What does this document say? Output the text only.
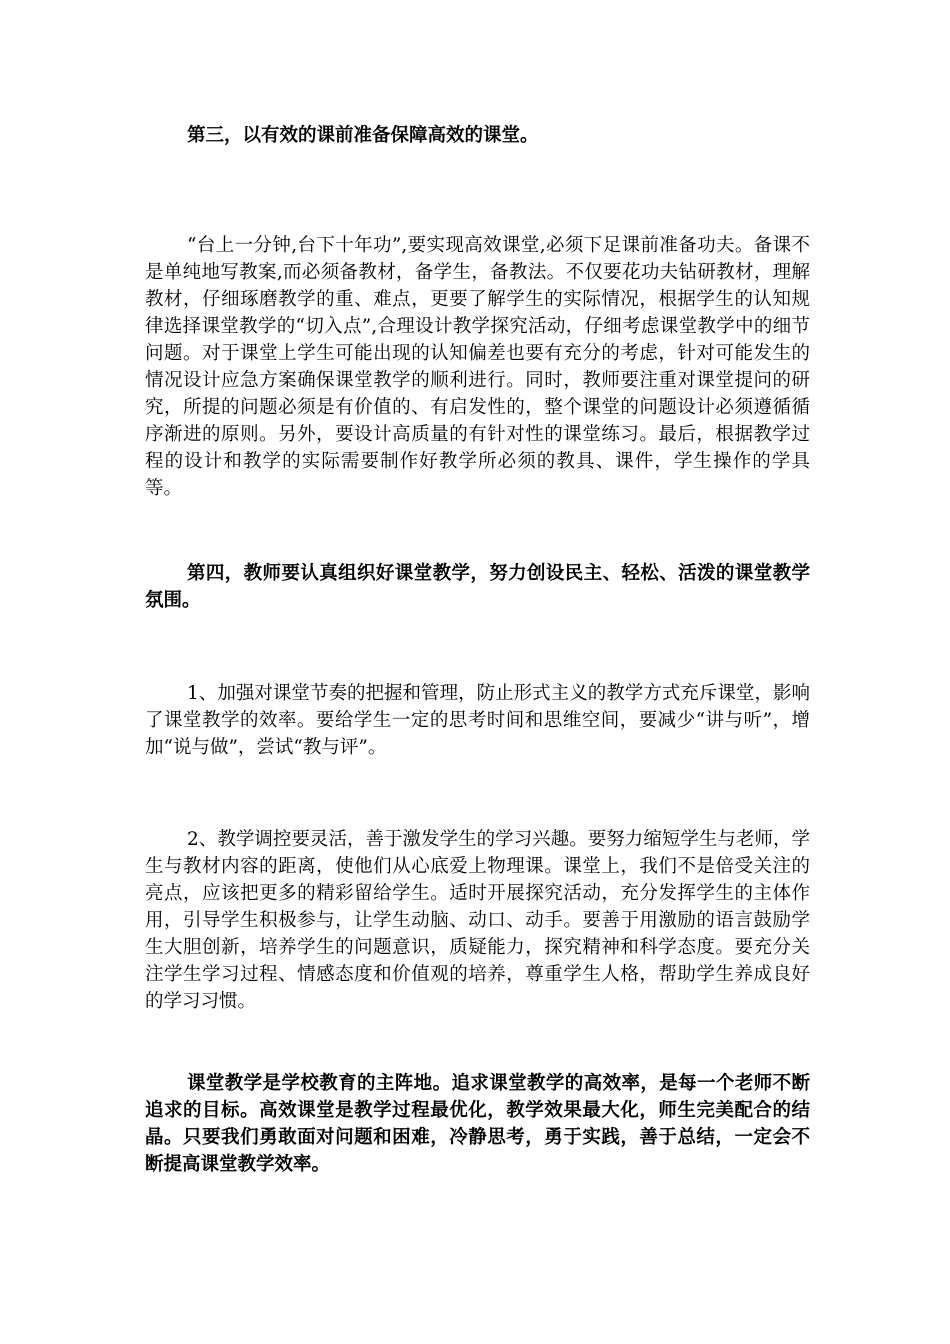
第三，以有效的课前准备保障高效的课堂。

“台上一分钟,台下十年功”,要实现高效课堂,必须下足课前准备功夫。备课不是单纯地写教案,而必须备教材，备学生，备教法。不仅要花功夫钻研教材，理解教材，仔细琢磨教学的重、难点，更要了解学生的实际情况，根据学生的认知规律选择课堂教学的“切入点”,合理设计教学探究活动，仔细考虑课堂教学中的细节问题。对于课堂上学生可能出现的认知偏差也要有充分的考虑，针对可能发生的情况设计应急方案确保课堂教学的顺利进行。同时，教师要注重对课堂提问的研究，所提的问题必须是有价值的、有启发性的，整个课堂的问题设计必须遵循循序渐进的原则。另外，要设计高质量的有针对性的课堂练习。最后，根据教学过程的设计和教学的实际需要制作好教学所必须的教具、课件，学生操作的学具等。

第四，教师要认真组织好课堂教学，努力创设民主、轻松、活泼的课堂教学氛围。

1、加强对课堂节奏的把握和管理，防止形式主义的教学方式充斥课堂，影响了课堂教学的效率。要给学生一定的思考时间和思维空间，要减少“讲与听”，增加“说与做”，尝试“教与评”。

2、教学调控要灵活，善于激发学生的学习兴趣。要努力缩短学生与老师，学生与教材内容的距离，使他们从心底爱上物理课。课堂上，我们不是倍受关注的亮点，应该把更多的精彩留给学生。适时开展探究活动，充分发挥学生的主体作用，引导学生积极参与，让学生动脑、动口、动手。要善于用激励的语言鼓励学生大胆创新，培养学生的问题意识，质疑能力，探究精神和科学态度。要充分关注学生学习过程、情感态度和价值观的培养，尊重学生人格，帮助学生养成良好的学习习惯。

课堂教学是学校教育的主阵地。追求课堂教学的高效率，是每一个老师不断追求的目标。高效课堂是教学过程最优化，教学效果最大化，师生完美配合的结晶。只要我们勇敢面对问题和困难，冷静思考，勇于实践，善于总结，一定会不断提高课堂教学效率。
